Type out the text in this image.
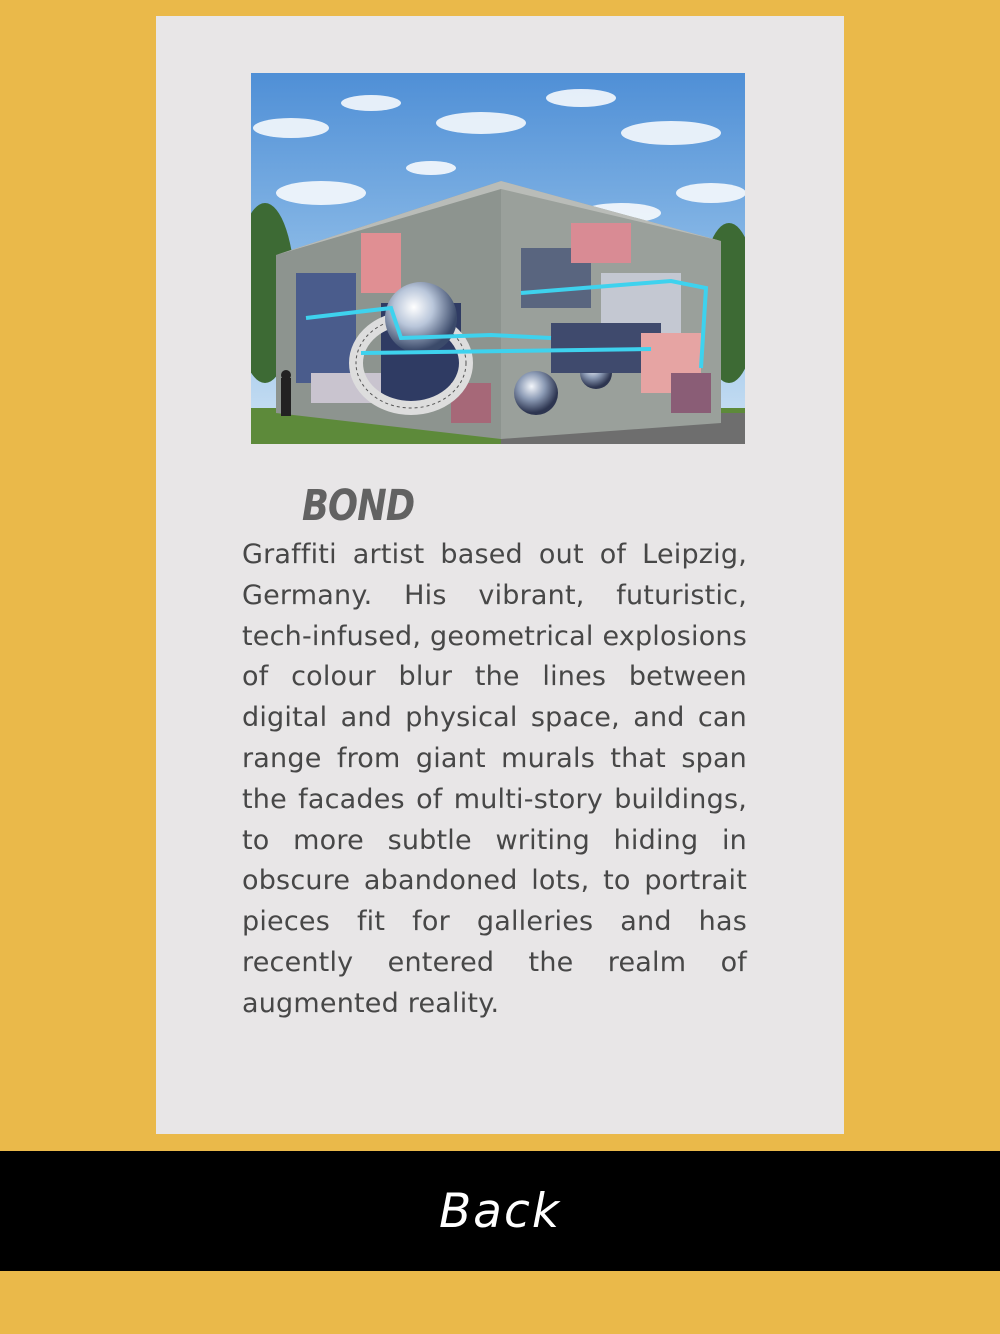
BOND

Graffiti artist based out of Leipzig, Germany. His vibrant, futuristic, tech-infused, geometrical explosions of colour blur the lines between digital and physical space, and can range from giant murals that span the facades of multi-story buildings, to more subtle writing hiding in obscure abandoned lots, to portrait pieces fit for galleries and has recently entered the realm of augmented reality.

Back
